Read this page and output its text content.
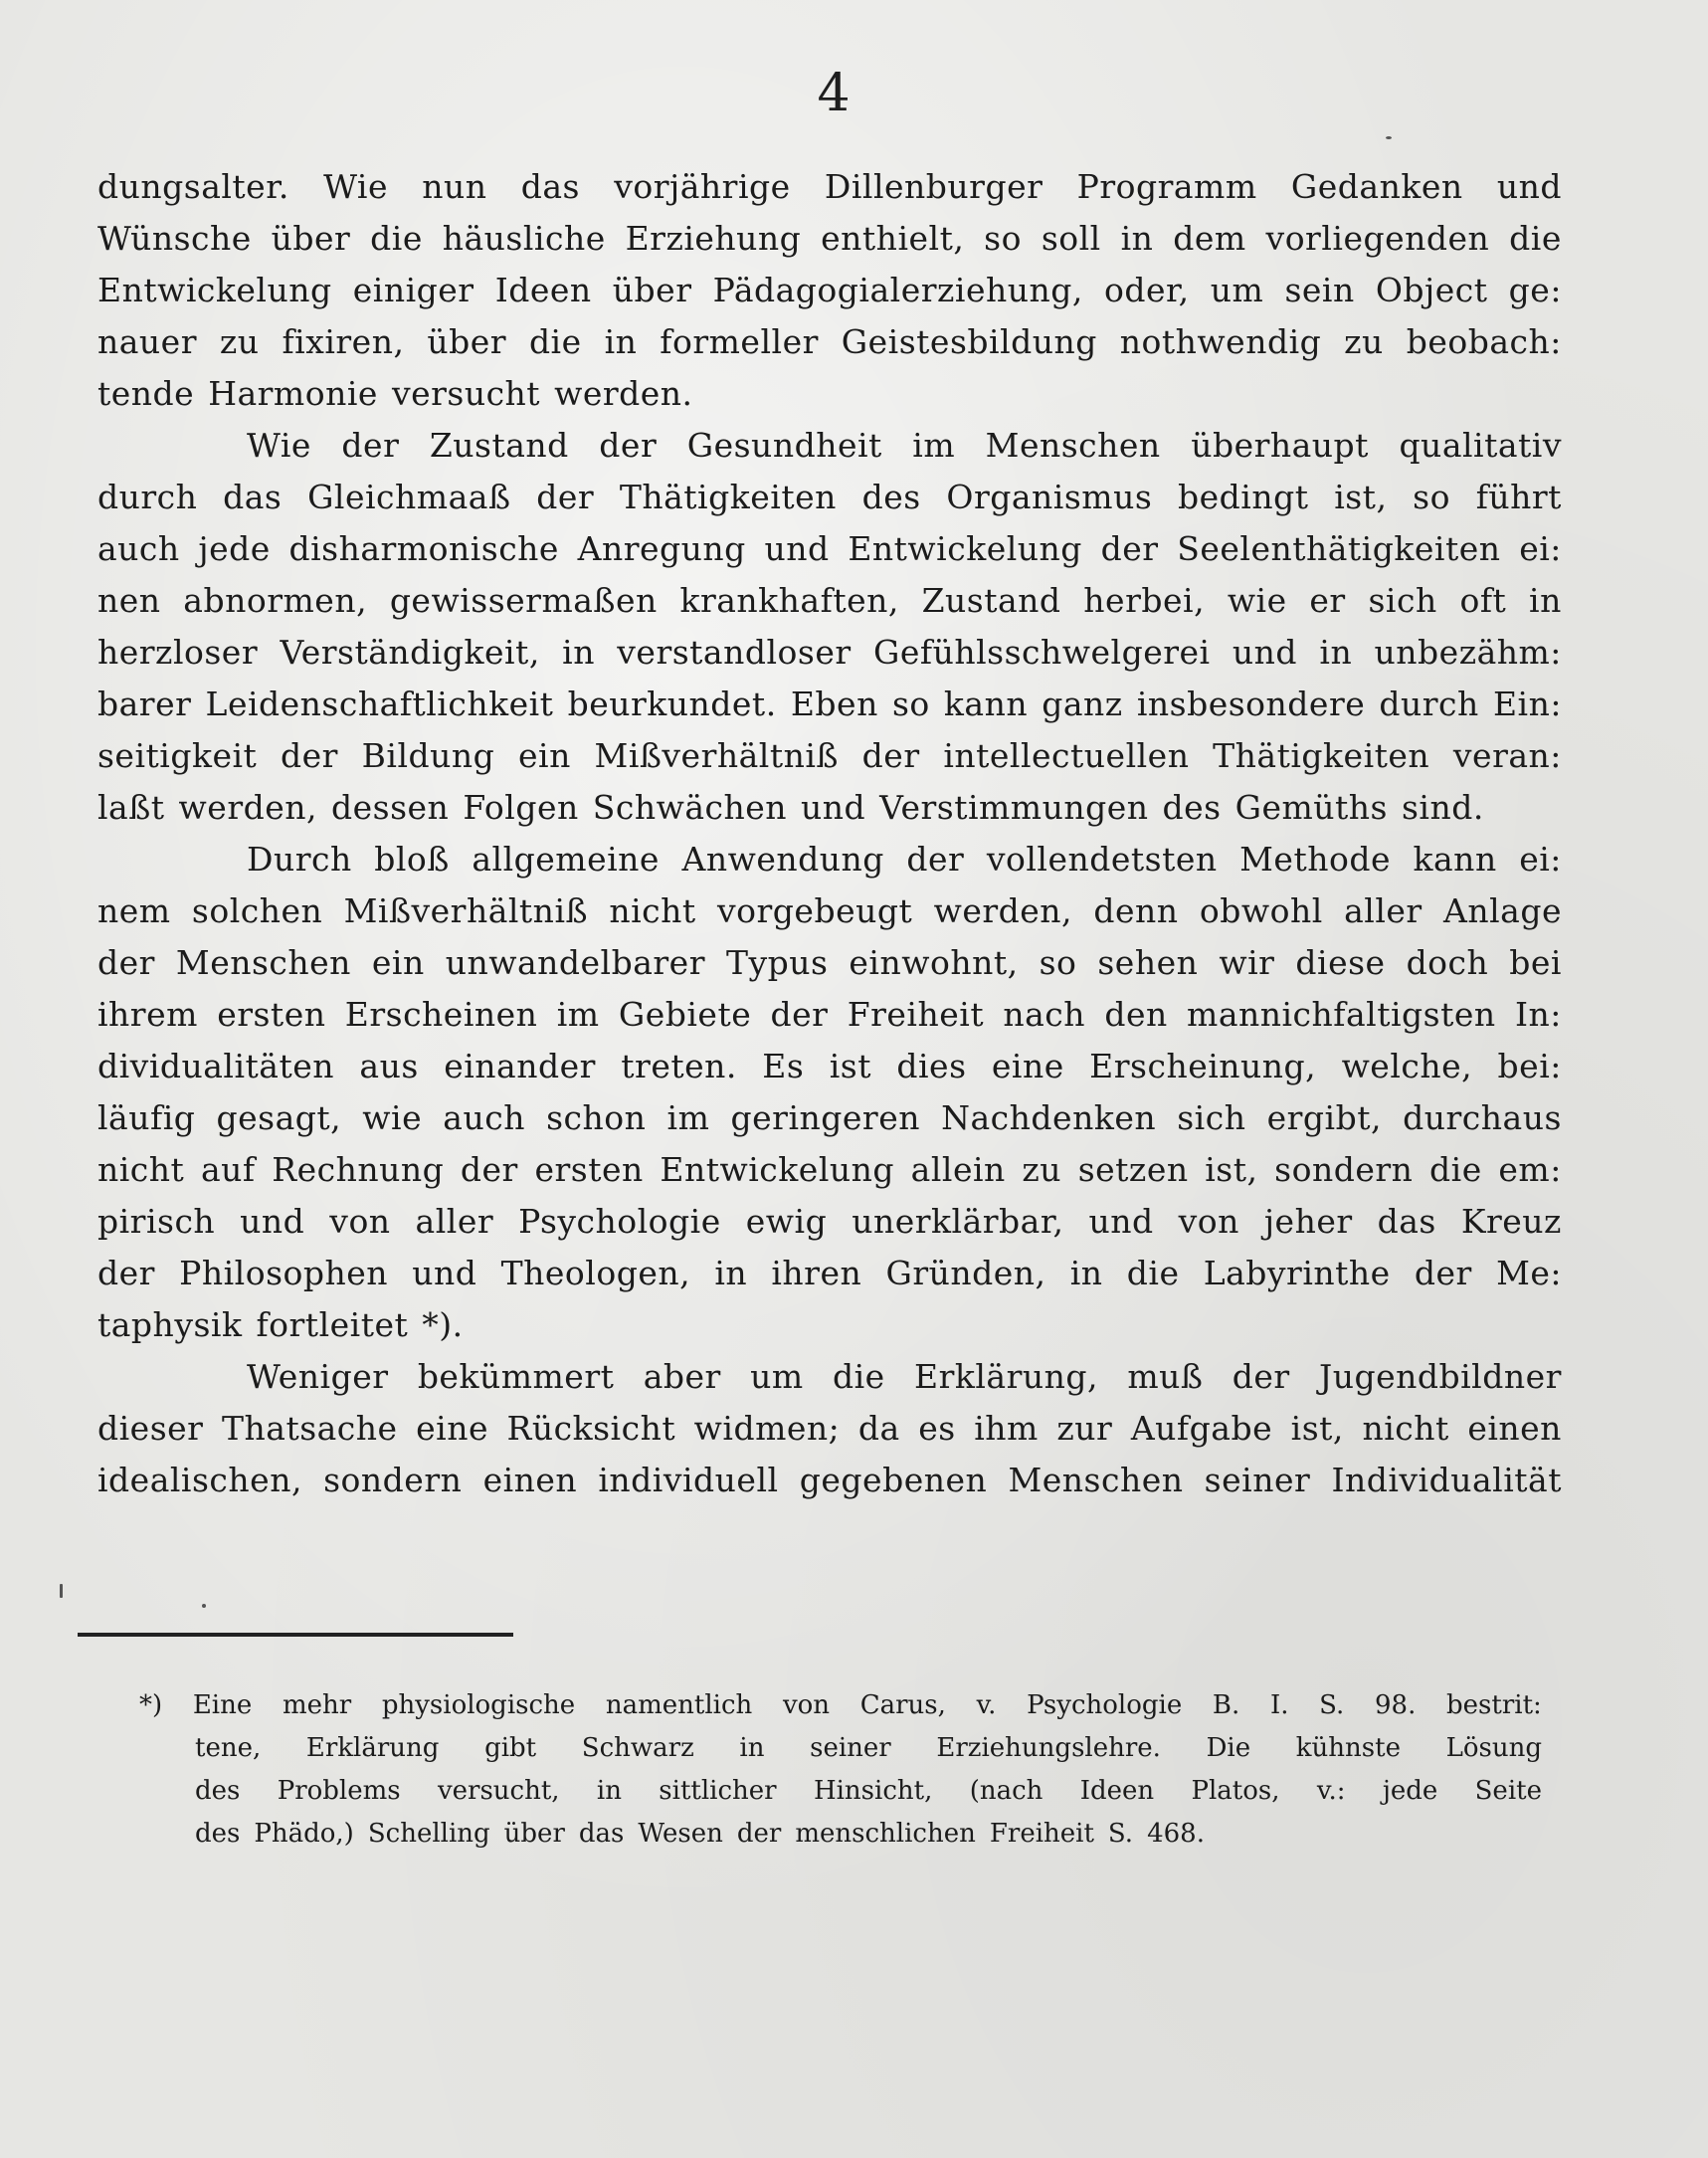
4
dungsalter. Wie nun das vorjährige Dillenburger Programm Gedanken und
Wünsche über die häusliche Erziehung enthielt, so soll in dem vorliegenden die
Entwickelung einiger Ideen über Pädagogialerziehung, oder, um sein Object ge:
nauer zu fixiren, über die in formeller Geistesbildung nothwendig zu beobach:
tende Harmonie versucht werden.
Wie der Zustand der Gesundheit im Menschen überhaupt qualitativ
durch das Gleichmaaß der Thätigkeiten des Organismus bedingt ist, so führt
auch jede disharmonische Anregung und Entwickelung der Seelenthätigkeiten ei:
nen abnormen, gewissermaßen krankhaften, Zustand herbei, wie er sich oft in
herzloser Verständigkeit, in verstandloser Gefühlsschwelgerei und in unbezähm:
barer Leidenschaftlichkeit beurkundet. Eben so kann ganz insbesondere durch Ein:
seitigkeit der Bildung ein Mißverhältniß der intellectuellen Thätigkeiten veran:
laßt werden, dessen Folgen Schwächen und Verstimmungen des Gemüths sind.
Durch bloß allgemeine Anwendung der vollendetsten Methode kann ei:
nem solchen Mißverhältniß nicht vorgebeugt werden, denn obwohl aller Anlage
der Menschen ein unwandelbarer Typus einwohnt, so sehen wir diese doch bei
ihrem ersten Erscheinen im Gebiete der Freiheit nach den mannichfaltigsten In:
dividualitäten aus einander treten. Es ist dies eine Erscheinung, welche, bei:
läufig gesagt, wie auch schon im geringeren Nachdenken sich ergibt, durchaus
nicht auf Rechnung der ersten Entwickelung allein zu setzen ist, sondern die em:
pirisch und von aller Psychologie ewig unerklärbar, und von jeher das Kreuz
der Philosophen und Theologen, in ihren Gründen, in die Labyrinthe der Me:
taphysik fortleitet *).
Weniger bekümmert aber um die Erklärung, muß der Jugendbildner
dieser Thatsache eine Rücksicht widmen; da es ihm zur Aufgabe ist, nicht einen
idealischen, sondern einen individuell gegebenen Menschen seiner Individualität
*) Eine mehr physiologische namentlich von Carus, v. Psychologie B. I. S. 98. bestrit:
tene, Erklärung gibt Schwarz in seiner Erziehungslehre. Die kühnste Lösung
des Problems versucht, in sittlicher Hinsicht, (nach Ideen Platos, v.: jede Seite
des Phädo,) Schelling über das Wesen der menschlichen Freiheit S. 468.
